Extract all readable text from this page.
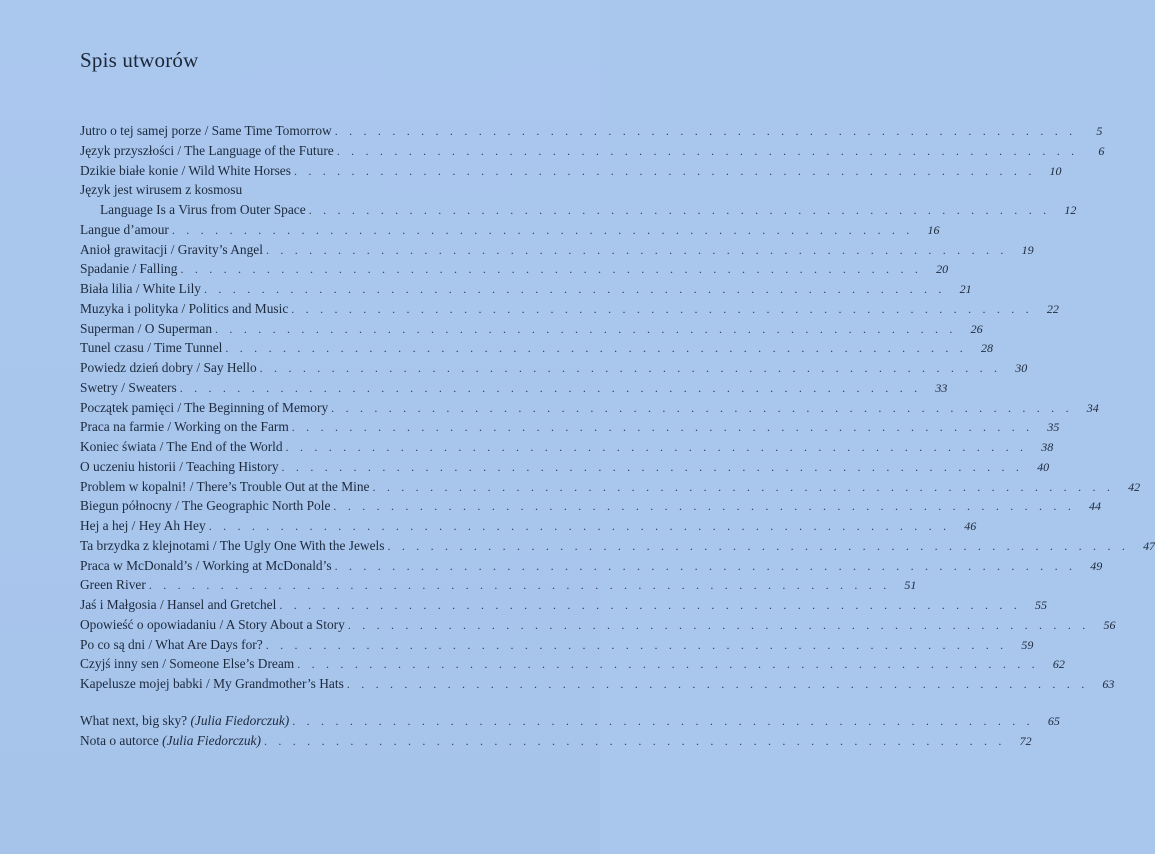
Spis utworów
Jutro o tej samej porze / Same Time Tomorrow . . . . . . . . . . . . . . . . . . . . . . . . . . . . . . . . . . . . . . . . . . . . . . . . . . . .	5
Język przyszłości / The Language of the Future . . . . . . . . . . . . . . . . . . . . . . . . . . . . . . . . . . . . . . . . . . . . . . . . . . . .	6
Dzikie białe konie / Wild White Horses . . . . . . . . . . . . . . . . . . . . . . . . . . . . . . . . . . . . . . . . . . . . . . . . . . . .	10
Język jest wirusem z kosmosu
Language Is a Virus from Outer Space . . . . . . . . . . . . . . . . . . . . . . . . . . . . . . . . . . . . . . . . . . . . . . . . . . . .	12
Langue d’amour . . . . . . . . . . . . . . . . . . . . . . . . . . . . . . . . . . . . . . . . . . . . . . . . . . . .	16
Anioł grawitacji / Gravity’s Angel . . . . . . . . . . . . . . . . . . . . . . . . . . . . . . . . . . . . . . . . . . . . . . . . . . . .	19
Spadanie / Falling . . . . . . . . . . . . . . . . . . . . . . . . . . . . . . . . . . . . . . . . . . . . . . . . . . . .	20
Biała lilia / White Lily . . . . . . . . . . . . . . . . . . . . . . . . . . . . . . . . . . . . . . . . . . . . . . . . . . . .	21
Muzyka i polityka / Politics and Music . . . . . . . . . . . . . . . . . . . . . . . . . . . . . . . . . . . . . . . . . . . . . . . . . . . .	22
Superman / O Superman . . . . . . . . . . . . . . . . . . . . . . . . . . . . . . . . . . . . . . . . . . . . . . . . . . . .	26
Tunel czasu / Time Tunnel . . . . . . . . . . . . . . . . . . . . . . . . . . . . . . . . . . . . . . . . . . . . . . . . . . . .	28
Powiedz dzień dobry / Say Hello . . . . . . . . . . . . . . . . . . . . . . . . . . . . . . . . . . . . . . . . . . . . . . . . . . . .	30
Swetry / Sweaters . . . . . . . . . . . . . . . . . . . . . . . . . . . . . . . . . . . . . . . . . . . . . . . . . . . .	33
Początek pamięci / The Beginning of Memory . . . . . . . . . . . . . . . . . . . . . . . . . . . . . . . . . . . . . . . . . . . . . . . . . . . .	34
Praca na farmie / Working on the Farm . . . . . . . . . . . . . . . . . . . . . . . . . . . . . . . . . . . . . . . . . . . . . . . . . . . .	35
Koniec świata / The End of the World . . . . . . . . . . . . . . . . . . . . . . . . . . . . . . . . . . . . . . . . . . . . . . . . . . . .	38
O uczeniu historii / Teaching History . . . . . . . . . . . . . . . . . . . . . . . . . . . . . . . . . . . . . . . . . . . . . . . . . . . .	40
Problem w kopalni! / There’s Trouble Out at the Mine . . . . . . . . . . . . . . . . . . . . . . . . . . . . . . . . . . . . . . . . . . . . . . . . . . . .	42
Biegun północny / The Geographic North Pole . . . . . . . . . . . . . . . . . . . . . . . . . . . . . . . . . . . . . . . . . . . . . . . . . . . .	44
Hej a hej / Hey Ah Hey . . . . . . . . . . . . . . . . . . . . . . . . . . . . . . . . . . . . . . . . . . . . . . . . . . . .	46
Ta brzydka z klejnotami / The Ugly One With the Jewels . . . . . . . . . . . . . . . . . . . . . . . . . . . . . . . . . . . . . . . . . . . . . . . . . . . .	47
Praca w McDonald’s / Working at McDonald’s . . . . . . . . . . . . . . . . . . . . . . . . . . . . . . . . . . . . . . . . . . . . . . . . . . . .	49
Green River . . . . . . . . . . . . . . . . . . . . . . . . . . . . . . . . . . . . . . . . . . . . . . . . . . . .	51
Jaś i Małgosia / Hansel and Gretchel . . . . . . . . . . . . . . . . . . . . . . . . . . . . . . . . . . . . . . . . . . . . . . . . . . . .	55
Opowieść o opowiadaniu / A Story About a Story . . . . . . . . . . . . . . . . . . . . . . . . . . . . . . . . . . . . . . . . . . . . . . . . . . . .	56
Po co są dni / What Are Days for? . . . . . . . . . . . . . . . . . . . . . . . . . . . . . . . . . . . . . . . . . . . . . . . . . . . .	59
Czyjś inny sen / Someone Else’s Dream . . . . . . . . . . . . . . . . . . . . . . . . . . . . . . . . . . . . . . . . . . . . . . . . . . . .	62
Kapelusze mojej babki / My Grandmother’s Hats . . . . . . . . . . . . . . . . . . . . . . . . . . . . . . . . . . . . . . . . . . . . . . . . . . . .	63
What next, big sky? (Julia Fiedorczuk) . . . . . . . . . . . . . . . . . . . . . . . . . . . . . . . . . . . . . . . . . . . . . . . . . . . .	65
Nota o autorce (Julia Fiedorczuk) . . . . . . . . . . . . . . . . . . . . . . . . . . . . . . . . . . . . . . . . . . . . . . . . . . . .	72
